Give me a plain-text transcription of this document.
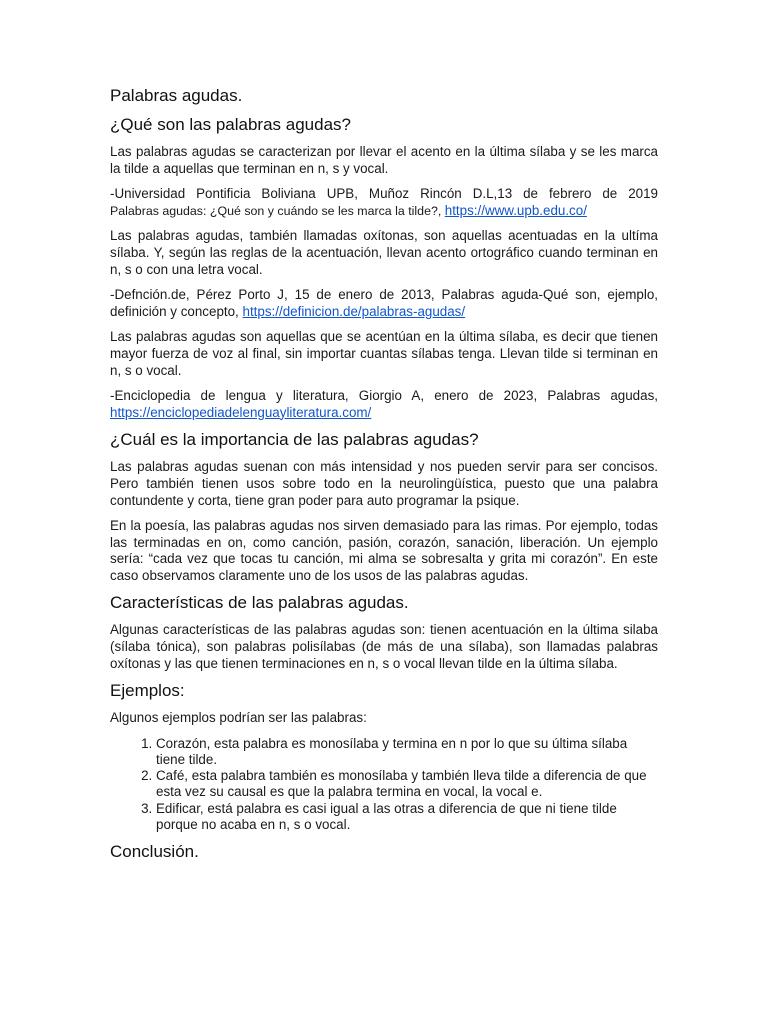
Palabras agudas.
¿Qué son las palabras agudas?

Las palabras agudas se caracterizan por llevar el acento en la última sílaba y se les marca la tilde a aquellas que terminan en n, s y vocal.

-Universidad Pontificia Boliviana UPB, Muñoz Rincón D.L,13 de febrero de 2019
Palabras agudas: ¿Qué son y cuándo se les marca la tilde?, https://www.upb.edu.co/

Las palabras agudas, también llamadas oxítonas, son aquellas acentuadas en la ultíma sílaba. Y, según las reglas de la acentuación, llevan acento ortográfico cuando terminan en n, s o con una letra vocal.

-Defnción.de, Pérez Porto J, 15 de enero de 2013, Palabras aguda-Qué son, ejemplo, definición y concepto, https://definicion.de/palabras-agudas/

Las palabras agudas son aquellas que se acentúan en la última sílaba, es decir que tienen mayor fuerza de voz al final, sin importar cuantas sílabas tenga. Llevan tilde si terminan en n, s o vocal.

-Enciclopedia de lengua y literatura, Giorgio A, enero de 2023, Palabras agudas, https://enciclopediadelenguayliteratura.com/

¿Cuál es la importancia de las palabras agudas?

Las palabras agudas suenan con más intensidad y nos pueden servir para ser concisos. Pero también tienen usos sobre todo en la neurolingüística, puesto que una palabra contundente y corta, tiene gran poder para auto programar la psique.

En la poesía, las palabras agudas nos sirven demasiado para las rimas. Por ejemplo, todas las terminadas en on, como canción, pasión, corazón, sanación, liberación. Un ejemplo sería: “cada vez que tocas tu canción, mi alma se sobresalta y grita mi corazón”. En este caso observamos claramente uno de los usos de las palabras agudas.

Características de las palabras agudas.

Algunas características de las palabras agudas son: tienen acentuación en la última silaba (sílaba tónica), son palabras polisílabas (de más de una sílaba), son llamadas palabras oxítonas y las que tienen terminaciones en n, s o vocal llevan tilde en la última sílaba.

Ejemplos:

Algunos ejemplos podrían ser las palabras:

1. Corazón, esta palabra es monosílaba y termina en n por lo que su última sílaba tiene tilde.
2. Café, esta palabra también es monosílaba y también lleva tilde a diferencia de que esta vez su causal es que la palabra termina en vocal, la vocal e.
3. Edificar, está palabra es casi igual a las otras a diferencia de que ni tiene tilde porque no acaba en n, s o vocal.
Conclusión.
